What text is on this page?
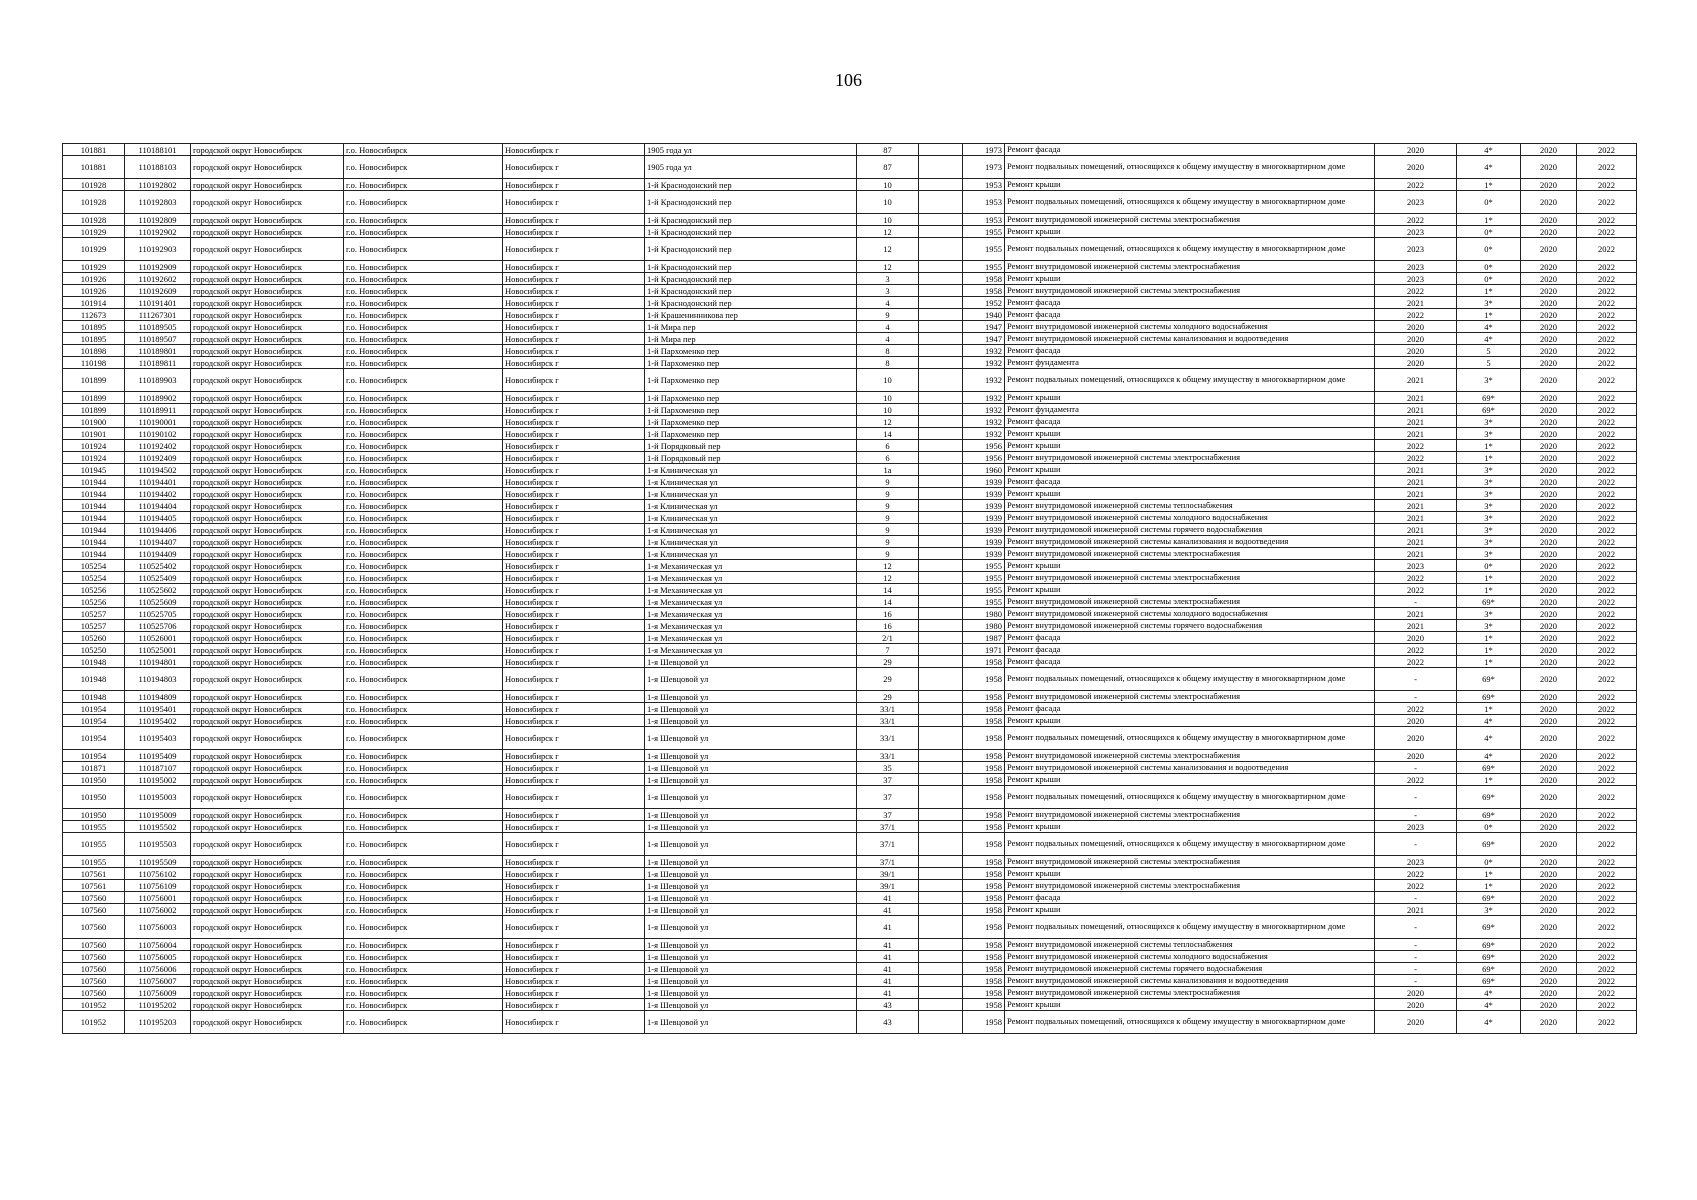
106
101881	110188101	городской округ Новосибирск	г.о. Новосибирск	Новосибирск г	1905 года ул	87		1973	Ремонт фасада	2020	4*	2020	2022
101881	110188103	городской округ Новосибирск	г.о. Новосибирск	Новосибирск г	1905 года ул	87		1973	Ремонт подвальных помещений, относящихся к общему имуществу в многоквартирном доме	2020	4*	2020	2022
101928	110192802	городской округ Новосибирск	г.о. Новосибирск	Новосибирск г	1-й Краснодонский пер	10		1953	Ремонт крыши	2022	1*	2020	2022
101928	110192803	городской округ Новосибирск	г.о. Новосибирск	Новосибирск г	1-й Краснодонский пер	10		1953	Ремонт подвальных помещений, относящихся к общему имуществу в многоквартирном доме	2023	0*	2020	2022
101928	110192809	городской округ Новосибирск	г.о. Новосибирск	Новосибирск г	1-й Краснодонский пер	10		1953	Ремонт внутридомовой инженерной системы электроснабжения	2022	1*	2020	2022
101929	110192902	городской округ Новосибирск	г.о. Новосибирск	Новосибирск г	1-й Краснодонский пер	12		1955	Ремонт крыши	2023	0*	2020	2022
101929	110192903	городской округ Новосибирск	г.о. Новосибирск	Новосибирск г	1-й Краснодонский пер	12		1955	Ремонт подвальных помещений, относящихся к общему имуществу в многоквартирном доме	2023	0*	2020	2022
101929	110192909	городской округ Новосибирск	г.о. Новосибирск	Новосибирск г	1-й Краснодонский пер	12		1955	Ремонт внутридомовой инженерной системы электроснабжения	2023	0*	2020	2022
101926	110192602	городской округ Новосибирск	г.о. Новосибирск	Новосибирск г	1-й Краснодонский пер	3		1958	Ремонт крыши	2023	0*	2020	2022
101926	110192609	городской округ Новосибирск	г.о. Новосибирск	Новосибирск г	1-й Краснодонский пер	3		1958	Ремонт внутридомовой инженерной системы электроснабжения	2022	1*	2020	2022
101914	110191401	городской округ Новосибирск	г.о. Новосибирск	Новосибирск г	1-й Краснодонский пер	4		1952	Ремонт фасада	2021	3*	2020	2022
112673	111267301	городской округ Новосибирск	г.о. Новосибирск	Новосибирск г	1-й Крашенинникова пер	9		1940	Ремонт фасада	2022	1*	2020	2022
101895	110189505	городской округ Новосибирск	г.о. Новосибирск	Новосибирск г	1-й Мира пер	4		1947	Ремонт внутридомовой инженерной системы холодного водоснабжения	2020	4*	2020	2022
101895	110189507	городской округ Новосибирск	г.о. Новосибирск	Новосибирск г	1-й Мира пер	4		1947	Ремонт внутридомовой инженерной системы канализования и водоотведения	2020	4*	2020	2022
101898	110189801	городской округ Новосибирск	г.о. Новосибирск	Новосибирск г	1-й Пархоменко пер	8		1932	Ремонт фасада	2020	5	2020	2022
110198	110189811	городской округ Новосибирск	г.о. Новосибирск	Новосибирск г	1-й Пархоменко пер	8		1932	Ремонт фундамента	2020	5	2020	2022
101899	110189903	городской округ Новосибирск	г.о. Новосибирск	Новосибирск г	1-й Пархоменко пер	10		1932	Ремонт подвальных помещений, относящихся к общему имуществу в многоквартирном доме	2021	3*	2020	2022
101899	110189902	городской округ Новосибирск	г.о. Новосибирск	Новосибирск г	1-й Пархоменко пер	10		1932	Ремонт крыши	2021	69*	2020	2022
101899	110189911	городской округ Новосибирск	г.о. Новосибирск	Новосибирск г	1-й Пархоменко пер	10		1932	Ремонт фундамента	2021	69*	2020	2022
101900	110190001	городской округ Новосибирск	г.о. Новосибирск	Новосибирск г	1-й Пархоменко пер	12		1932	Ремонт фасада	2021	3*	2020	2022
101901	110190102	городской округ Новосибирск	г.о. Новосибирск	Новосибирск г	1-й Пархоменко пер	14		1932	Ремонт крыши	2021	3*	2020	2022
101924	110192402	городской округ Новосибирск	г.о. Новосибирск	Новосибирск г	1-й Порядковый пер	6		1956	Ремонт крыши	2022	1*	2020	2022
101924	110192409	городской округ Новосибирск	г.о. Новосибирск	Новосибирск г	1-й Порядковый пер	6		1956	Ремонт внутридомовой инженерной системы электроснабжения	2022	1*	2020	2022
101945	110194502	городской округ Новосибирск	г.о. Новосибирск	Новосибирск г	1-я Клиническая ул	1а		1960	Ремонт крыши	2021	3*	2020	2022
101944	110194401	городской округ Новосибирск	г.о. Новосибирск	Новосибирск г	1-я Клиническая ул	9		1939	Ремонт фасада	2021	3*	2020	2022
101944	110194402	городской округ Новосибирск	г.о. Новосибирск	Новосибирск г	1-я Клиническая ул	9		1939	Ремонт крыши	2021	3*	2020	2022
101944	110194404	городской округ Новосибирск	г.о. Новосибирск	Новосибирск г	1-я Клиническая ул	9		1939	Ремонт внутридомовой инженерной системы теплоснабжения	2021	3*	2020	2022
101944	110194405	городской округ Новосибирск	г.о. Новосибирск	Новосибирск г	1-я Клиническая ул	9		1939	Ремонт внутридомовой инженерной системы холодного водоснабжения	2021	3*	2020	2022
101944	110194406	городской округ Новосибирск	г.о. Новосибирск	Новосибирск г	1-я Клиническая ул	9		1939	Ремонт внутридомовой инженерной системы горячего водоснабжения	2021	3*	2020	2022
101944	110194407	городской округ Новосибирск	г.о. Новосибирск	Новосибирск г	1-я Клиническая ул	9		1939	Ремонт внутридомовой инженерной системы канализования и водоотведения	2021	3*	2020	2022
101944	110194409	городской округ Новосибирск	г.о. Новосибирск	Новосибирск г	1-я Клиническая ул	9		1939	Ремонт внутридомовой инженерной системы электроснабжения	2021	3*	2020	2022
105254	110525402	городской округ Новосибирск	г.о. Новосибирск	Новосибирск г	1-я Механическая ул	12		1955	Ремонт крыши	2023	0*	2020	2022
105254	110525409	городской округ Новосибирск	г.о. Новосибирск	Новосибирск г	1-я Механическая ул	12		1955	Ремонт внутридомовой инженерной системы электроснабжения	2022	1*	2020	2022
105256	110525602	городской округ Новосибирск	г.о. Новосибирск	Новосибирск г	1-я Механическая ул	14		1955	Ремонт крыши	2022	1*	2020	2022
105256	110525609	городской округ Новосибирск	г.о. Новосибирск	Новосибирск г	1-я Механическая ул	14		1955	Ремонт внутридомовой инженерной системы электроснабжения	-	69*	2020	2022
105257	110525705	городской округ Новосибирск	г.о. Новосибирск	Новосибирск г	1-я Механическая ул	16		1980	Ремонт внутридомовой инженерной системы холодного водоснабжения	2021	3*	2020	2022
105257	110525706	городской округ Новосибирск	г.о. Новосибирск	Новосибирск г	1-я Механическая ул	16		1980	Ремонт внутридомовой инженерной системы горячего водоснабжения	2021	3*	2020	2022
105260	110526001	городской округ Новосибирск	г.о. Новосибирск	Новосибирск г	1-я Механическая ул	2/1		1987	Ремонт фасада	2020	1*	2020	2022
105250	110525001	городской округ Новосибирск	г.о. Новосибирск	Новосибирск г	1-я Механическая ул	7		1971	Ремонт фасада	2022	1*	2020	2022
101948	110194801	городской округ Новосибирск	г.о. Новосибирск	Новосибирск г	1-я Шевцовой ул	29		1958	Ремонт фасада	2022	1*	2020	2022
101948	110194803	городской округ Новосибирск	г.о. Новосибирск	Новосибирск г	1-я Шевцовой ул	29		1958	Ремонт подвальных помещений, относящихся к общему имуществу в многоквартирном доме	-	69*	2020	2022
101948	110194809	городской округ Новосибирск	г.о. Новосибирск	Новосибирск г	1-я Шевцовой ул	29		1958	Ремонт внутридомовой инженерной системы электроснабжения	-	69*	2020	2022
101954	110195401	городской округ Новосибирск	г.о. Новосибирск	Новосибирск г	1-я Шевцовой ул	33/1		1958	Ремонт фасада	2022	1*	2020	2022
101954	110195402	городской округ Новосибирск	г.о. Новосибирск	Новосибирск г	1-я Шевцовой ул	33/1		1958	Ремонт крыши	2020	4*	2020	2022
101954	110195403	городской округ Новосибирск	г.о. Новосибирск	Новосибирск г	1-я Шевцовой ул	33/1		1958	Ремонт подвальных помещений, относящихся к общему имуществу в многоквартирном доме	2020	4*	2020	2022
101954	110195409	городской округ Новосибирск	г.о. Новосибирск	Новосибирск г	1-я Шевцовой ул	33/1		1958	Ремонт внутридомовой инженерной системы электроснабжения	2020	4*	2020	2022
101871	110187107	городской округ Новосибирск	г.о. Новосибирск	Новосибирск г	1-я Шевцовой ул	35		1958	Ремонт внутридомовой инженерной системы канализования и водоотведения	-	69*	2020	2022
101950	110195002	городской округ Новосибирск	г.о. Новосибирск	Новосибирск г	1-я Шевцовой ул	37		1958	Ремонт крыши	2022	1*	2020	2022
101950	110195003	городской округ Новосибирск	г.о. Новосибирск	Новосибирск г	1-я Шевцовой ул	37		1958	Ремонт подвальных помещений, относящихся к общему имуществу в многоквартирном доме	-	69*	2020	2022
101950	110195009	городской округ Новосибирск	г.о. Новосибирск	Новосибирск г	1-я Шевцовой ул	37		1958	Ремонт внутридомовой инженерной системы электроснабжения	-	69*	2020	2022
101955	110195502	городской округ Новосибирск	г.о. Новосибирск	Новосибирск г	1-я Шевцовой ул	37/1		1958	Ремонт крыши	2023	0*	2020	2022
101955	110195503	городской округ Новосибирск	г.о. Новосибирск	Новосибирск г	1-я Шевцовой ул	37/1		1958	Ремонт подвальных помещений, относящихся к общему имуществу в многоквартирном доме	-	69*	2020	2022
101955	110195509	городской округ Новосибирск	г.о. Новосибирск	Новосибирск г	1-я Шевцовой ул	37/1		1958	Ремонт внутридомовой инженерной системы электроснабжения	2023	0*	2020	2022
107561	110756102	городской округ Новосибирск	г.о. Новосибирск	Новосибирск г	1-я Шевцовой ул	39/1		1958	Ремонт крыши	2022	1*	2020	2022
107561	110756109	городской округ Новосибирск	г.о. Новосибирск	Новосибирск г	1-я Шевцовой ул	39/1		1958	Ремонт внутридомовой инженерной системы электроснабжения	2022	1*	2020	2022
107560	110756001	городской округ Новосибирск	г.о. Новосибирск	Новосибирск г	1-я Шевцовой ул	41		1958	Ремонт фасада	-	69*	2020	2022
107560	110756002	городской округ Новосибирск	г.о. Новосибирск	Новосибирск г	1-я Шевцовой ул	41		1958	Ремонт крыши	2021	3*	2020	2022
107560	110756003	городской округ Новосибирск	г.о. Новосибирск	Новосибирск г	1-я Шевцовой ул	41		1958	Ремонт подвальных помещений, относящихся к общему имуществу в многоквартирном доме	-	69*	2020	2022
107560	110756004	городской округ Новосибирск	г.о. Новосибирск	Новосибирск г	1-я Шевцовой ул	41		1958	Ремонт внутридомовой инженерной системы теплоснабжения	-	69*	2020	2022
107560	110756005	городской округ Новосибирск	г.о. Новосибирск	Новосибирск г	1-я Шевцовой ул	41		1958	Ремонт внутридомовой инженерной системы холодного водоснабжения	-	69*	2020	2022
107560	110756006	городской округ Новосибирск	г.о. Новосибирск	Новосибирск г	1-я Шевцовой ул	41		1958	Ремонт внутридомовой инженерной системы горячего водоснабжения	-	69*	2020	2022
107560	110756007	городской округ Новосибирск	г.о. Новосибирск	Новосибирск г	1-я Шевцовой ул	41		1958	Ремонт внутридомовой инженерной системы канализования и водоотведения	-	69*	2020	2022
107560	110756009	городской округ Новосибирск	г.о. Новосибирск	Новосибирск г	1-я Шевцовой ул	41		1958	Ремонт внутридомовой инженерной системы электроснабжения	2020	4*	2020	2022
101952	110195202	городской округ Новосибирск	г.о. Новосибирск	Новосибирск г	1-я Шевцовой ул	43		1958	Ремонт крыши	2020	4*	2020	2022
101952	110195203	городской округ Новосибирск	г.о. Новосибирск	Новосибирск г	1-я Шевцовой ул	43		1958	Ремонт подвальных помещений, относящихся к общему имуществу в многоквартирном доме	2020	4*	2020	2022
